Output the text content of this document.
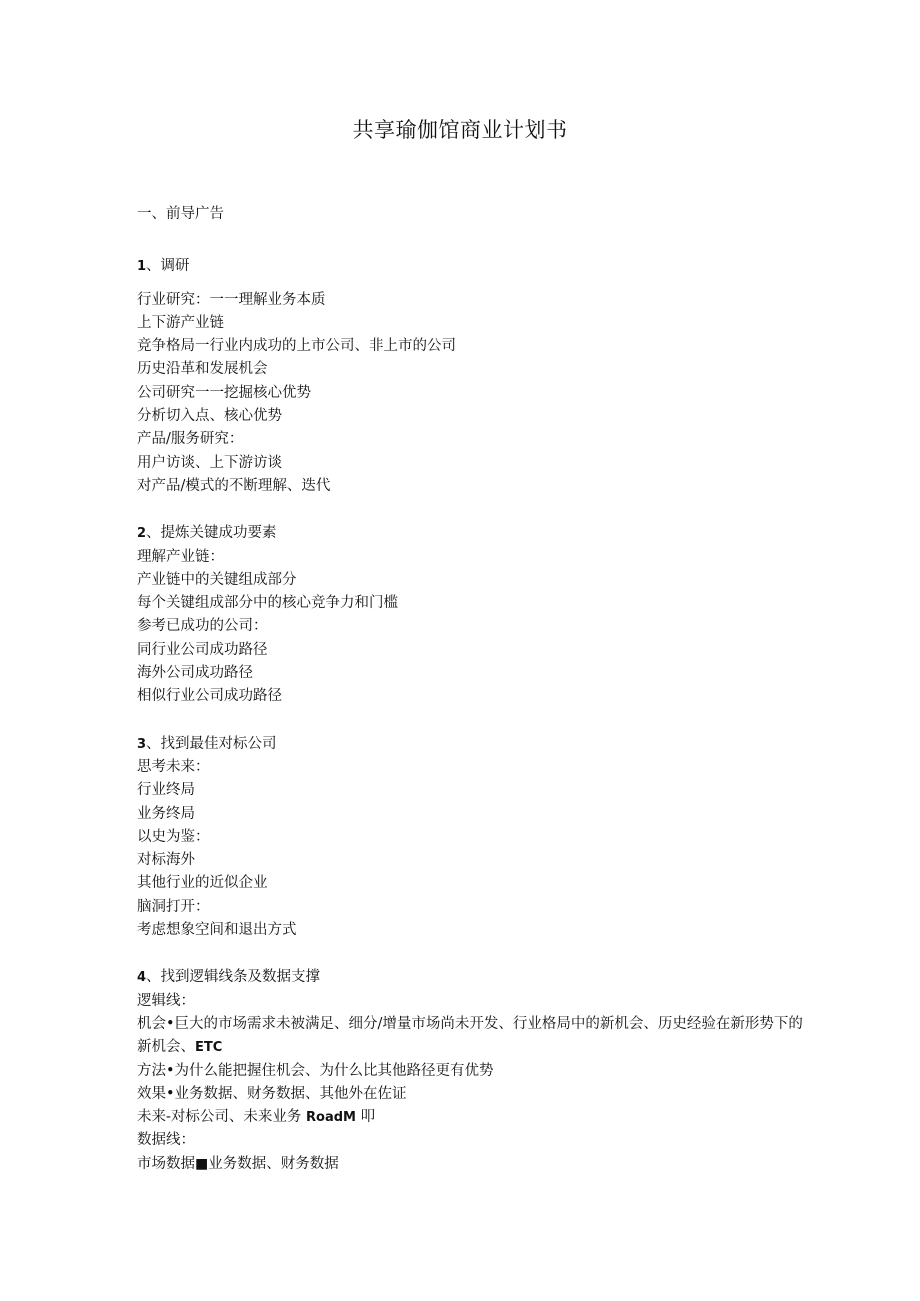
共享瑜伽馆商业计划书

一、前导广告

1、调研

行业研究：一一理解业务本质

上下游产业链

竞争格局一行业内成功的上市公司、非上市的公司

历史沿革和发展机会

公司研究一一挖掘核心优势

分析切入点、核心优势

产品/服务研究：

用户访谈、上下游访谈

对产品/模式的不断理解、迭代

2、提炼关键成功要素

理解产业链：

产业链中的关键组成部分

每个关键组成部分中的核心竞争力和门槛

参考已成功的公司：

同行业公司成功路径

海外公司成功路径

相似行业公司成功路径

3、找到最佳对标公司

思考未来：

行业终局

业务终局

以史为鉴：

对标海外

其他行业的近似企业

脑洞打开：

考虑想象空间和退出方式

4、找到逻辑线条及数据支撑

逻辑线：

机会•巨大的市场需求未被满足、细分/增量市场尚未开发、行业格局中的新机会、历史经验在新形势下的新机会、ETC

方法•为什么能把握住机会、为什么比其他路径更有优势

效果•业务数据、财务数据、其他外在佐证

未来-对标公司、未来业务 RoadM 叩

数据线：

市场数据■业务数据、财务数据
